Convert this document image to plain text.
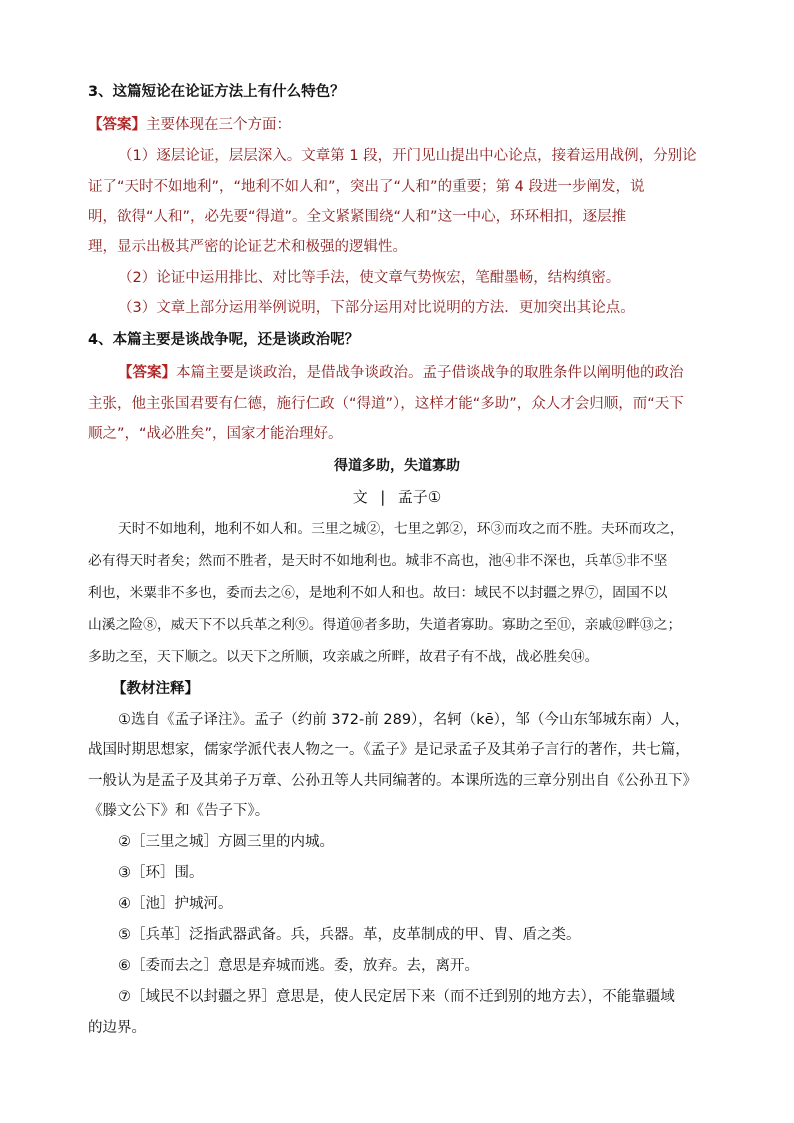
3、这篇短论在论证方法上有什么特色？
【答案】主要体现在三个方面：
（1）逐层论证，层层深入。文章第 1 段，开门见山提出中心论点，接着运用战例，分别论
证了“天时不如地利”，“地利不如人和”，突出了“人和”的重要；第 4 段进一步阐发，说
明，欲得“人和”，必先要“得道”。全文紧紧围绕“人和”这一中心，环环相扣，逐层推
理，显示出极其严密的论证艺术和极强的逻辑性。
（2）论证中运用排比、对比等手法，使文章气势恢宏，笔酣墨畅，结构缜密。
（3）文章上部分运用举例说明，下部分运用对比说明的方法．更加突出其论点。
4、本篇主要是谈战争呢，还是谈政治呢？
【答案】本篇主要是谈政治，是借战争谈政治。孟子借谈战争的取胜条件以阐明他的政治
主张，他主张国君要有仁德，施行仁政（“得道”），这样才能“多助”，众人才会归顺，而“天下
顺之”，“战必胜矣”，国家才能治理好。
得道多助，失道寡助
文 | 孟子①
天时不如地利，地利不如人和。三里之城②，七里之郭②，环③而攻之而不胜。夫环而攻之，
必有得天时者矣；然而不胜者，是天时不如地利也。城非不高也，池④非不深也，兵革⑤非不坚
利也，米粟非不多也，委而去之⑥，是地利不如人和也。故曰：域民不以封疆之界⑦，固国不以
山溪之险⑧，威天下不以兵革之利⑨。得道⑩者多助，失道者寡助。寡助之至⑪，亲戚⑫畔⑬之；
多助之至，天下顺之。以天下之所顺，攻亲戚之所畔，故君子有不战，战必胜矣⑭。
【教材注释】
①选自《孟子译注》。孟子（约前 372-前 289），名轲（kē），邹（今山东邹城东南）人，
战国时期思想家，儒家学派代表人物之一。《孟子》是记录孟子及其弟子言行的著作，共七篇，
一般认为是孟子及其弟子万章、公孙丑等人共同编著的。本课所选的三章分别出自《公孙丑下》
《滕文公下》和《告子下》。
②［三里之城］方圆三里的内城。
③［环］围。
④［池］护城河。
⑤［兵革］泛指武器武备。兵，兵器。革，皮革制成的甲、胄、盾之类。
⑥［委而去之］意思是弃城而逃。委，放弃。去，离开。
⑦［域民不以封疆之界］意思是，使人民定居下来（而不迁到别的地方去），不能靠疆域
的边界。
